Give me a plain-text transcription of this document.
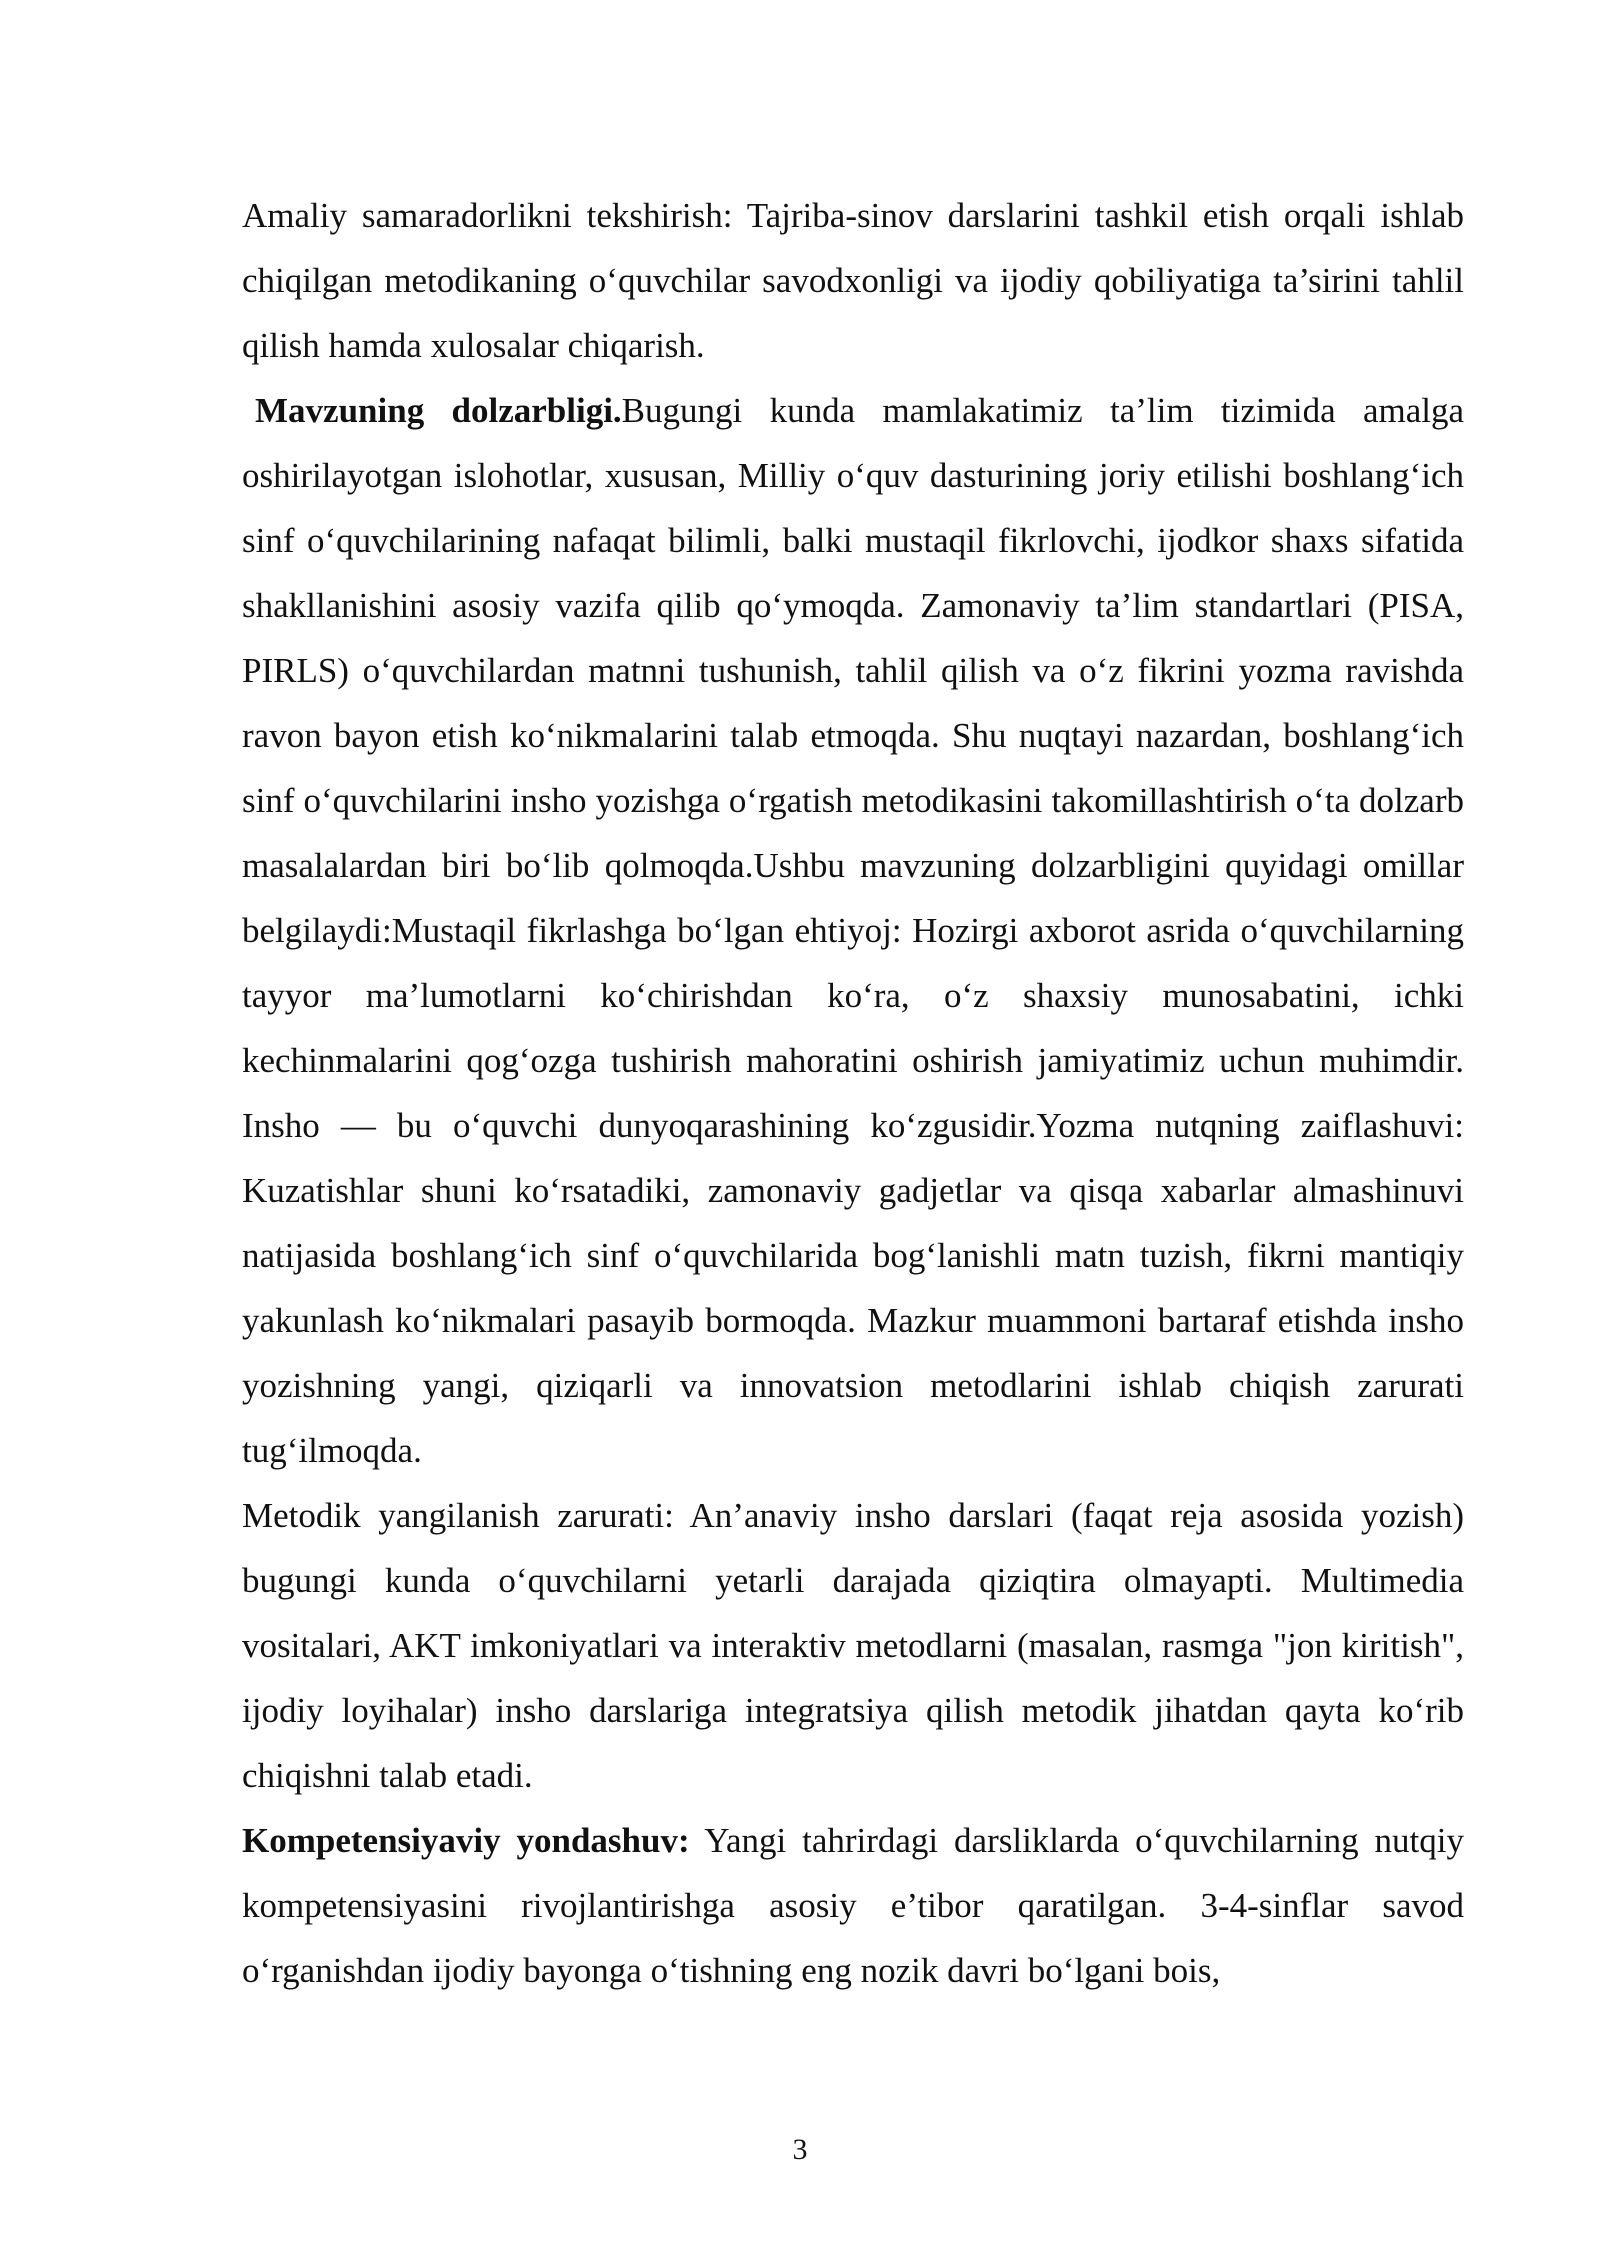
Amaliy samaradorlikni tekshirish: Tajriba-sinov darslarini tashkil etish orqali ishlab chiqilgan metodikaning o‘quvchilar savodxonligi va ijodiy qobiliyatiga ta’sirini tahlil qilish hamda xulosalar chiqarish.

Mavzuning dolzarbligi.Bugungi kunda mamlakatimiz ta’lim tizimida amalga oshirilayotgan islohotlar, xususan, Milliy o‘quv dasturining joriy etilishi boshlang‘ich sinf o‘quvchilarining nafaqat bilimli, balki mustaqil fikrlovchi, ijodkor shaxs sifatida shakllanishini asosiy vazifa qilib qo‘ymoqda. Zamonaviy ta’lim standartlari (PISA, PIRLS) o‘quvchilardan matnni tushunish, tahlil qilish va o‘z fikrini yozma ravishda ravon bayon etish ko‘nikmalarini talab etmoqda. Shu nuqtayi nazardan, boshlang‘ich sinf o‘quvchilarini insho yozishga o‘rgatish metodikasini takomillashtirish o‘ta dolzarb masalalardan biri bo‘lib qolmoqda.Ushbu mavzuning dolzarbligini quyidagi omillar belgilaydi:Mustaqil fikrlashga bo‘lgan ehtiyoj: Hozirgi axborot asrida o‘quvchilarning tayyor ma’lumotlarni ko‘chirishdan ko‘ra, o‘z shaxsiy munosabatini, ichki kechinmalarini qog‘ozga tushirish mahoratini oshirish jamiyatimiz uchun muhimdir. Insho — bu o‘quvchi dunyoqarashining ko‘zgusidir.Yozma nutqning zaiflashuvi: Kuzatishlar shuni ko‘rsatadiki, zamonaviy gadjetlar va qisqa xabarlar almashinuvi natijasida boshlang‘ich sinf o‘quvchilarida bog‘lanishli matn tuzish, fikrni mantiqiy yakunlash ko‘nikmalari pasayib bormoqda. Mazkur muammoni bartaraf etishda insho yozishning yangi, qiziqarli va innovatsion metodlarini ishlab chiqish zarurati tug‘ilmoqda.

Metodik yangilanish zarurati: An’anaviy insho darslari (faqat reja asosida yozish) bugungi kunda o‘quvchilarni yetarli darajada qiziqtira olmayapti. Multimedia vositalari, AKT imkoniyatlari va interaktiv metodlarni (masalan, rasmga "jon kiritish", ijodiy loyihalar) insho darslariga integratsiya qilish metodik jihatdan qayta ko‘rib chiqishni talab etadi.

Kompetensiyaviy yondashuv: Yangi tahrirdagi darsliklarda o‘quvchilarning nutqiy kompetensiyasini rivojlantirishga asosiy e’tibor qaratilgan. 3-4-sinflar savod o‘rganishdan ijodiy bayonga o‘tishning eng nozik davri bo‘lgani bois,

3
